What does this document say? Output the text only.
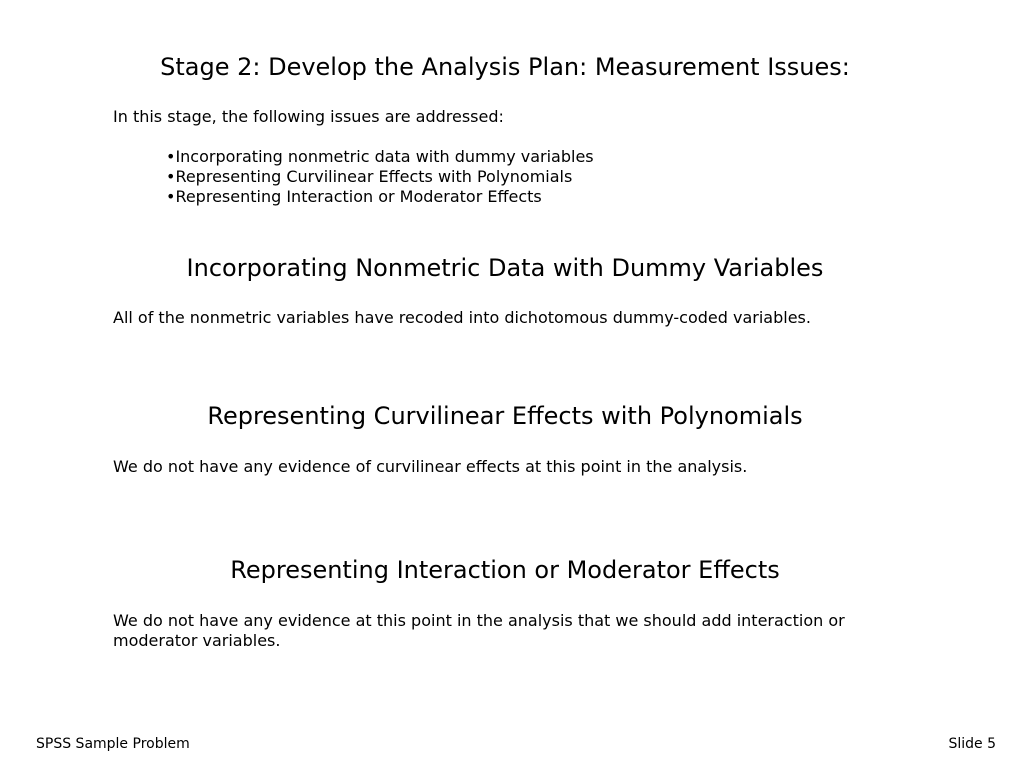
Stage 2: Develop the Analysis Plan: Measurement Issues:
In this stage, the following issues are addressed:
•Incorporating nonmetric data with dummy variables
•Representing Curvilinear Effects with Polynomials
•Representing Interaction or Moderator Effects
Incorporating Nonmetric Data with Dummy Variables
All of the nonmetric variables have recoded into dichotomous dummy-coded variables.
Representing Curvilinear Effects with Polynomials
We do not have any evidence of curvilinear effects at this point in the analysis.
Representing Interaction or Moderator Effects
We do not have any evidence at this point in the analysis that we should add interaction or moderator variables.
SPSS Sample Problem	Slide 5
